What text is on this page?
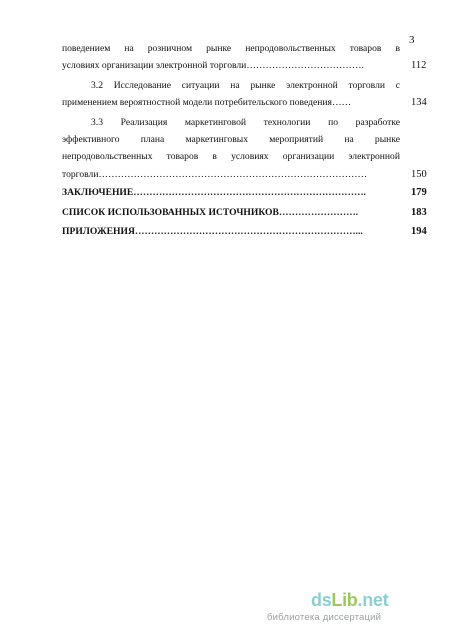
3
поведением на розничном рынке непродовольственных товаров в
условиях организации электронной торговли……………………………….	112
3.2 Исследование ситуации на рынке электронной торговли с
применением вероятностной модели потребительского поведения……	134
3.3 Реализация маркетинговой технологии по разработке
эффективного плана маркетинговых мероприятий на рынке
непродовольственных товаров в условиях организации электронной
торговли…………………………………………………………………………	150
ЗАКЛЮЧЕНИЕ……………………………………………………………….	179
СПИСОК ИСПОЛЬЗОВАННЫХ ИСТОЧНИКОВ…………………….	183
ПРИЛОЖЕНИЯ……………………………………………………………...	194
dsLib.net
библиотека диссертаций
